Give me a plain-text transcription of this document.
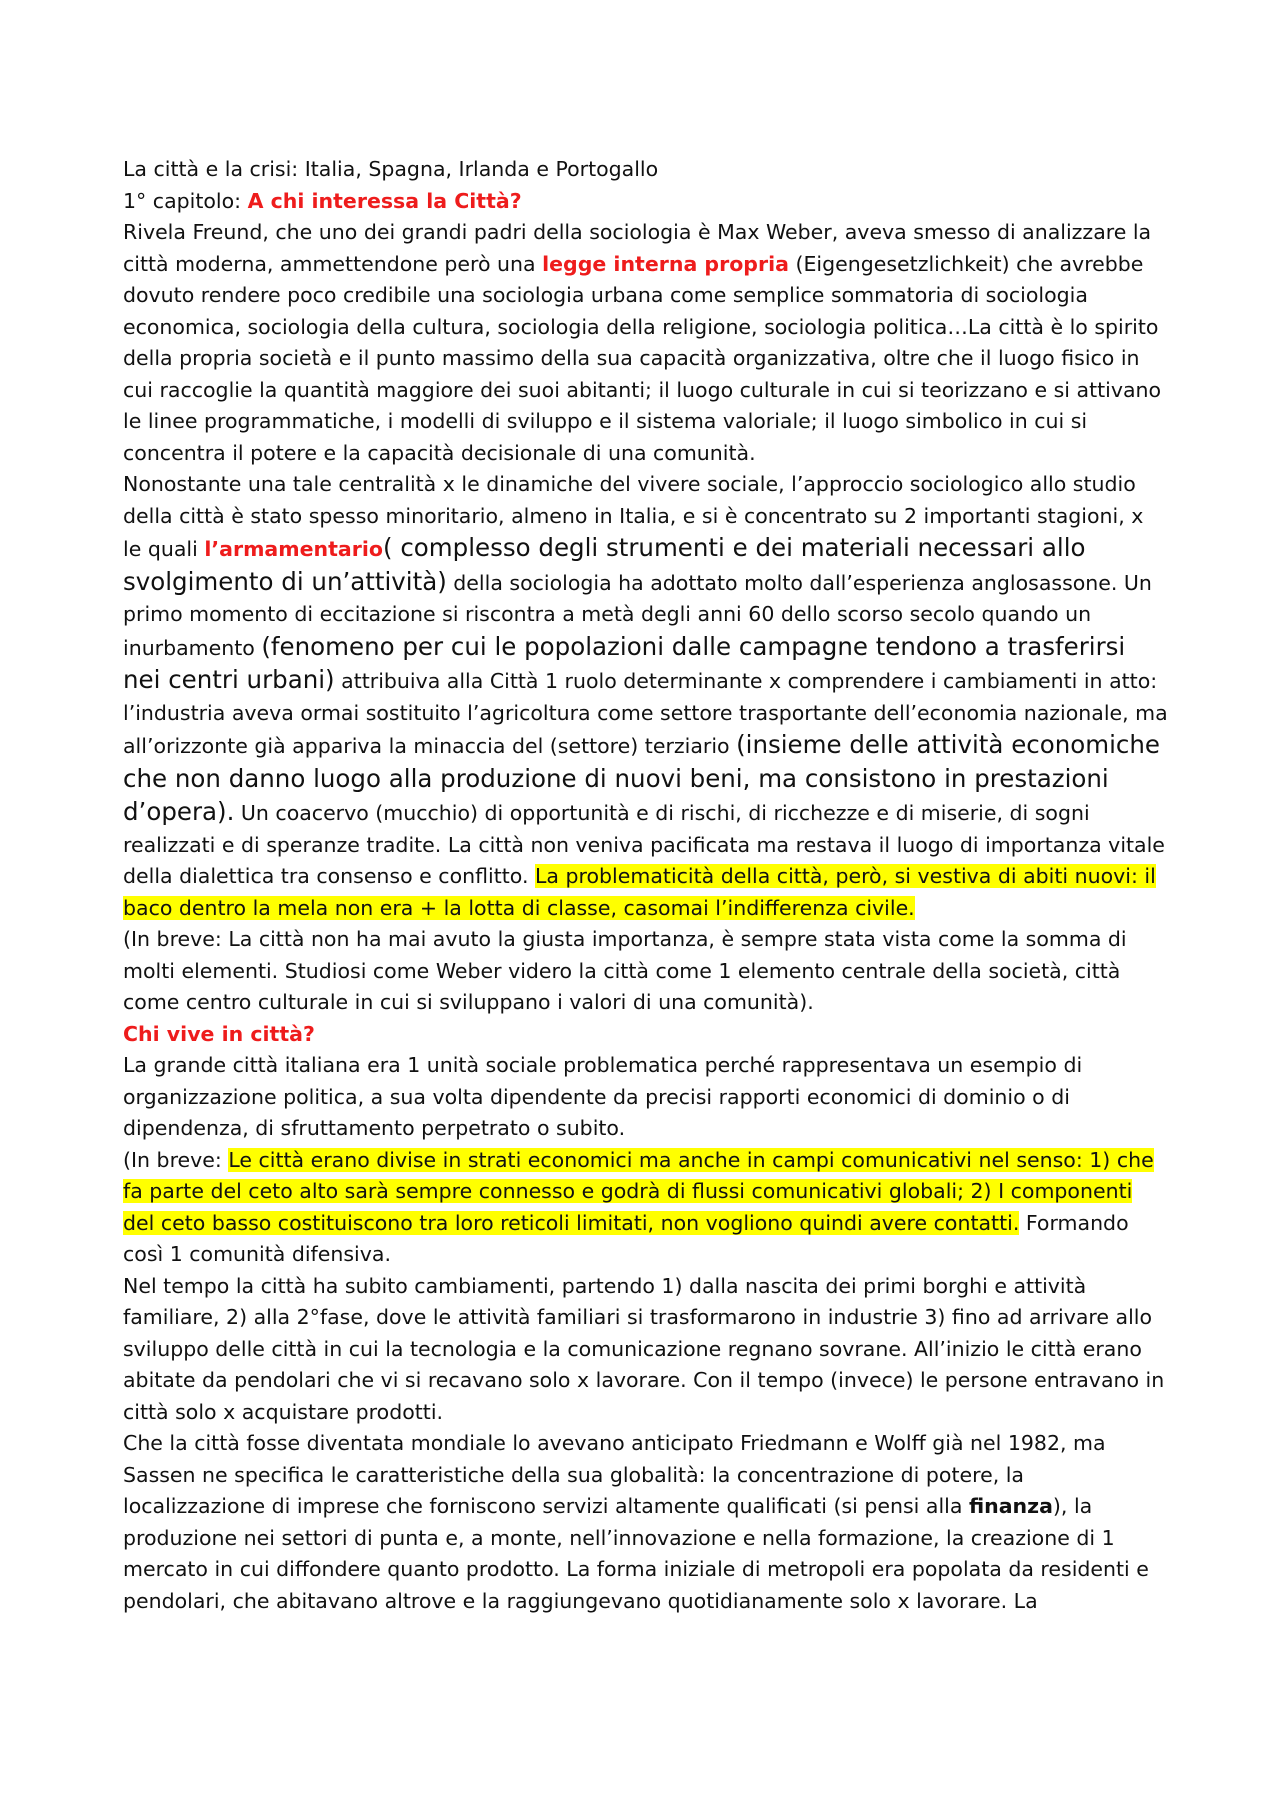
La città e la crisi: Italia, Spagna, Irlanda e Portogallo

1° capitolo: A chi interessa la Città?

Rivela Freund, che uno dei grandi padri della sociologia è Max Weber, aveva smesso di analizzare la città moderna, ammettendone però una legge interna propria (Eigengesetzlichkeit) che avrebbe dovuto rendere poco credibile una sociologia urbana come semplice sommatoria di sociologia economica, sociologia della cultura, sociologia della religione, sociologia politica…La città è lo spirito della propria società e il punto massimo della sua capacità organizzativa, oltre che il luogo fisico in cui raccoglie la quantità maggiore dei suoi abitanti; il luogo culturale in cui si teorizzano e si attivano le linee programmatiche, i modelli di sviluppo e il sistema valoriale; il luogo simbolico in cui si concentra il potere e la capacità decisionale di una comunità.

Nonostante una tale centralità x le dinamiche del vivere sociale, l’approccio sociologico allo studio della città è stato spesso minoritario, almeno in Italia, e si è concentrato su 2 importanti stagioni, x le quali l’armamentario( complesso degli strumenti e dei materiali necessari allo svolgimento di un’attività) della sociologia ha adottato molto dall’esperienza anglosassone. Un primo momento di eccitazione si riscontra a metà degli anni 60 dello scorso secolo quando un inurbamento (fenomeno per cui le popolazioni dalle campagne tendono a trasferirsi nei centri urbani) attribuiva alla Città 1 ruolo determinante x comprendere i cambiamenti in atto: l’industria aveva ormai sostituito l’agricoltura come settore trasportante dell’economia nazionale, ma all’orizzonte già appariva la minaccia del (settore) terziario (insieme delle attività economiche che non danno luogo alla produzione di nuovi beni, ma consistono in prestazioni d’opera). Un coacervo (mucchio) di opportunità e di rischi, di ricchezze e di miserie, di sogni realizzati e di speranze tradite. La città non veniva pacificata ma restava il luogo di importanza vitale della dialettica tra consenso e conflitto. La problematicità della città, però, si vestiva di abiti nuovi: il baco dentro la mela non era + la lotta di classe, casomai l’indifferenza civile.

(In breve: La città non ha mai avuto la giusta importanza, è sempre stata vista come la somma di molti elementi. Studiosi come Weber videro la città come 1 elemento centrale della società, città come centro culturale in cui si sviluppano i valori di una comunità).

Chi vive in città?

La grande città italiana era 1 unità sociale problematica perché rappresentava un esempio di organizzazione politica, a sua volta dipendente da precisi rapporti economici di dominio o di dipendenza, di sfruttamento perpetrato o subito.

(In breve: Le città erano divise in strati economici ma anche in campi comunicativi nel senso: 1) che fa parte del ceto alto sarà sempre connesso e godrà di flussi comunicativi globali; 2) I componenti del ceto basso costituiscono tra loro reticoli limitati, non vogliono quindi avere contatti. Formando così 1 comunità difensiva.

Nel tempo la città ha subito cambiamenti, partendo 1) dalla nascita dei primi borghi e attività familiare, 2) alla 2°fase, dove le attività familiari si trasformarono in industrie 3) fino ad arrivare allo sviluppo delle città in cui la tecnologia e la comunicazione regnano sovrane. All’inizio le città erano abitate da pendolari che vi si recavano solo x lavorare. Con il tempo (invece) le persone entravano in città solo x acquistare prodotti.

Che la città fosse diventata mondiale lo avevano anticipato Friedmann e Wolff già nel 1982, ma Sassen ne specifica le caratteristiche della sua globalità: la concentrazione di potere, la localizzazione di imprese che forniscono servizi altamente qualificati (si pensi alla finanza), la produzione nei settori di punta e, a monte, nell’innovazione e nella formazione, la creazione di 1 mercato in cui diffondere quanto prodotto. La forma iniziale di metropoli era popolata da residenti e pendolari, che abitavano altrove e la raggiungevano quotidianamente solo x lavorare. La
